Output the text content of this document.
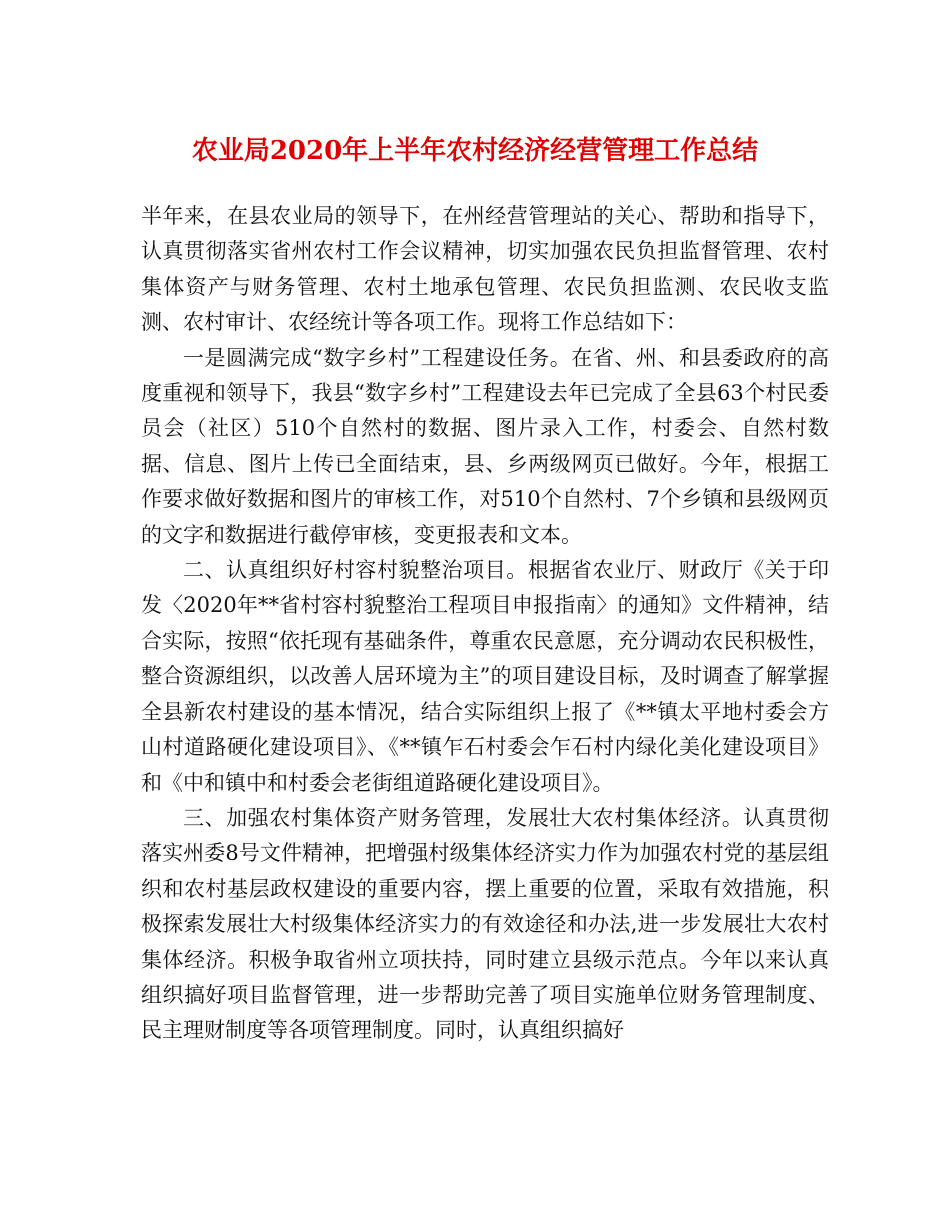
农业局2020年上半年农村经济经营管理工作总结

半年来，在县农业局的领导下，在州经营管理站的关心、帮助和指导下，认真贯彻落实省州农村工作会议精神，切实加强农民负担监督管理、农村集体资产与财务管理、农村土地承包管理、农民负担监测、农民收支监测、农村审计、农经统计等各项工作。现将工作总结如下：

一是圆满完成“数字乡村”工程建设任务。在省、州、和县委政府的高度重视和领导下，我县“数字乡村”工程建设去年已完成了全县63个村民委员会（社区）510个自然村的数据、图片录入工作，村委会、自然村数据、信息、图片上传已全面结束，县、乡两级网页已做好。今年，根据工作要求做好数据和图片的审核工作，对510个自然村、7个乡镇和县级网页的文字和数据进行截停审核，变更报表和文本。

二、认真组织好村容村貌整治项目。根据省农业厅、财政厅《关于印发〈2020年**省村容村貌整治工程项目申报指南〉的通知》文件精神，结合实际，按照“依托现有基础条件，尊重农民意愿，充分调动农民积极性，整合资源组织，以改善人居环境为主”的项目建设目标，及时调查了解掌握全县新农村建设的基本情况，结合实际组织上报了《**镇太平地村委会方山村道路硬化建设项目》、《**镇乍石村委会乍石村内绿化美化建设项目》和《中和镇中和村委会老街组道路硬化建设项目》。

三、加强农村集体资产财务管理，发展壮大农村集体经济。认真贯彻落实州委8号文件精神，把增强村级集体经济实力作为加强农村党的基层组织和农村基层政权建设的重要内容，摆上重要的位置，采取有效措施，积极探索发展壮大村级集体经济实力的有效途径和办法,进一步发展壮大农村集体经济。积极争取省州立项扶持，同时建立县级示范点。今年以来认真组织搞好项目监督管理，进一步帮助完善了项目实施单位财务管理制度、民主理财制度等各项管理制度。同时，认真组织搞好
